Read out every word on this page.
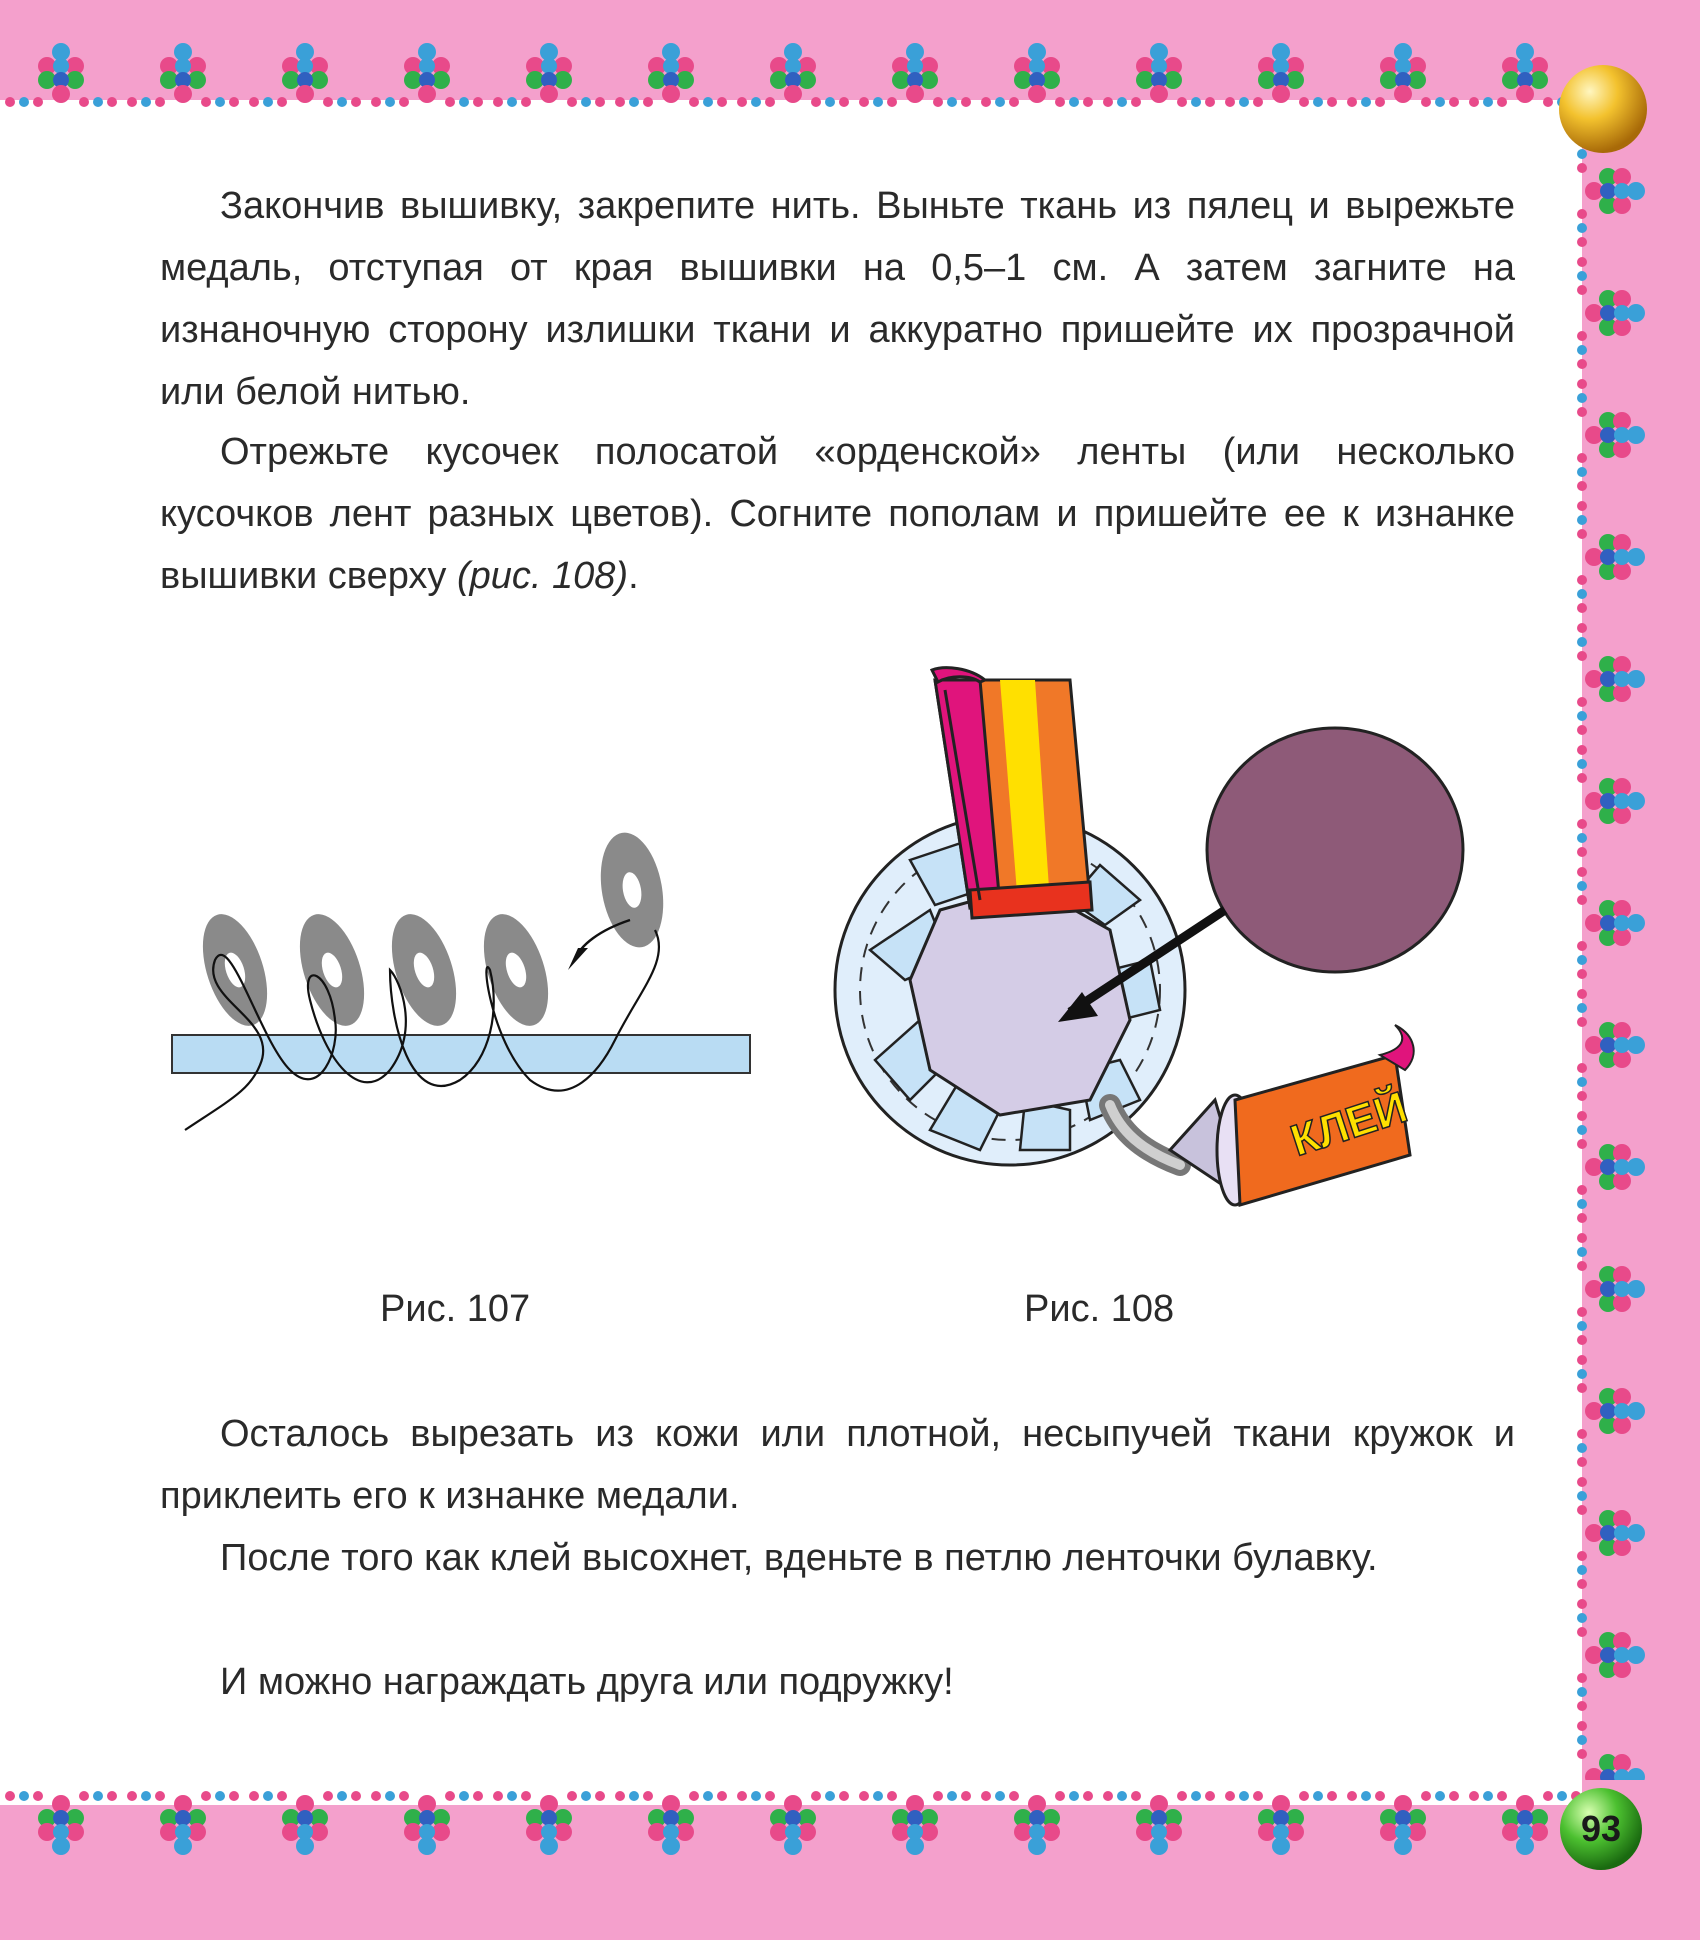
93

Закончив вышивку, закрепите нить. Выньте ткань из пялец и вырежьте медаль, отступая от края вышивки на 0,5–1 см. А затем загните на изнаночную сторону излишки ткани и аккуратно пришейте их прозрачной или белой нитью.

Отрежьте кусочек полосатой «орденской» ленты (или несколько кусочков лент разных цветов). Согните пополам и пришейте ее к изнанке вышивки сверху (рис. 108).

КЛЕЙ
Рис. 107	Рис. 108

Осталось вырезать из кожи или плотной, несыпучей ткани кружок и приклеить его к изнанке медали.

После того как клей высохнет, вденьте в петлю ленточки булавку.

И можно награждать друга или подружку!
